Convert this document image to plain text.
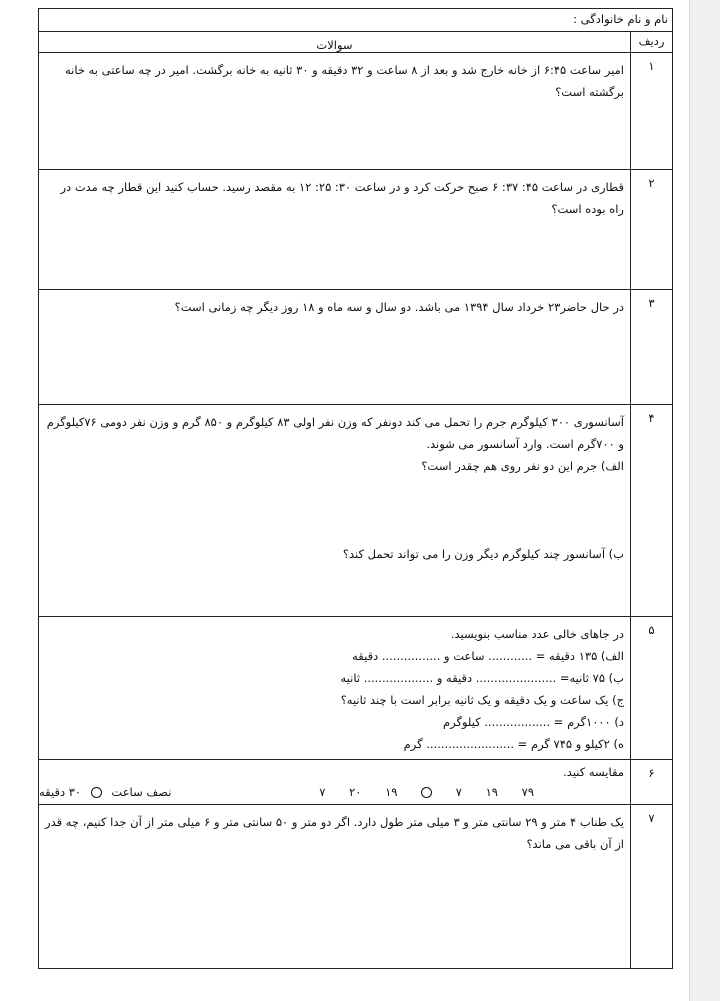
نام و نام خانوادگی :
ردیف
سوالات
۱
امیر ساعت ۶:۴۵ از خانه خارج شد و بعد از ۸ ساعت و ۳۲ دقیقه و ۳۰ ثانیه به خانه برگشت. امیر در چه ساعتی به خانه برگشته است؟
۲
قطاری در ساعت ۴۵: ۳۷: ۶ صبح حرکت کرد و در ساعت ۳۰: ۲۵: ۱۲ به مقصد رسید. حساب کنید این قطار چه مدت در راه بوده است؟
۳
در حال حاضر۲۳ خرداد سال ۱۳۹۴ می باشد. دو سال و سه ماه و ۱۸ روز دیگر چه زمانی است؟
۴
آسانسوری ۳۰۰ کیلوگرم جرم را تحمل می کند دونفر که وزن نفر اولی ۸۳ کیلوگرم و ۸۵۰ گرم و وزن نفر دومی ۷۶کیلوگرم و ۷۰۰گرم است. وارد آسانسور می شوند.
الف) جرم این دو نفر روی هم چقدر است؟
ب) آسانسور چند کیلوگرم دیگر وزن را می تواند تحمل کند؟
۵
در جاهای خالی عدد مناسب بنویسید.
الف) ۱۳۵ دقیقه = ............ ساعت و ................ دقیقه
ب) ۷۵ ثانیه= ...................... دقیقه و ................... ثانیه
ج) یک ساعت و یک دقیقه و یک ثانیه برابر است با چند ثانیه؟
د) ۱۰۰۰گرم = .................. کیلوگرم
ه) ۲کیلو و ۷۴۵ گرم = ........................ گرم
۶
مقایسه کنید.
۷۹ ۱۹ ۷  ۱۹ ۲۰ ۷
نصف ساعت  ۳۰ دقیقه
۷
یک طناب ۴ متر و ۲۹ سانتی متر و ۳ میلی متر طول دارد. اگر دو متر و ۵۰ سانتی متر و ۶ میلی متر از آن جدا کنیم، چه قدر از آن باقی می ماند؟
